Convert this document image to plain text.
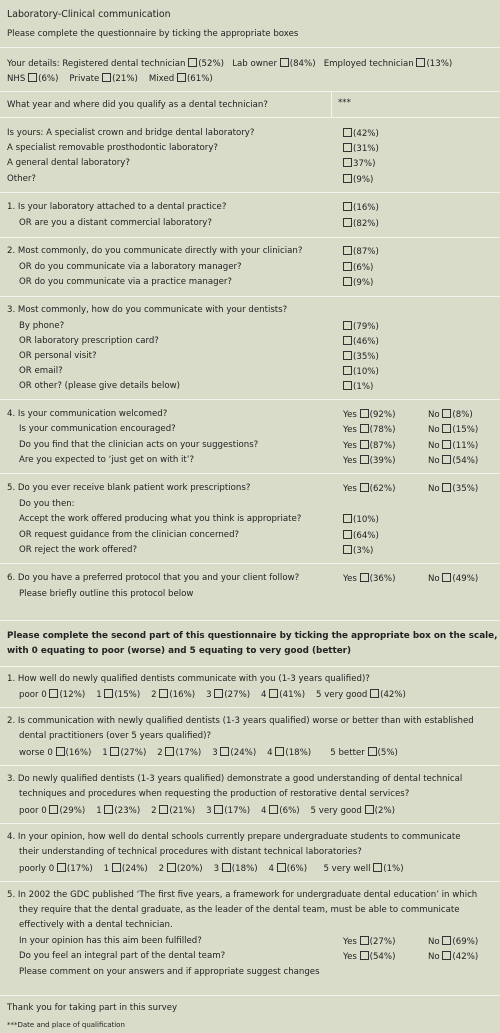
Laboratory-Clinical communication
Please complete the questionnaire by ticking the appropriate boxes
Your details: Registered dental technician (52%) Lab owner (84%) Employed technician (13%)
NHS (6%) Private (21%) Mixed (61%)
What year and where did you qualify as a dental technician?	***
Is yours: A specialist crown and bridge dental laboratory?	(42%)
A specialist removable prosthodontic laboratory?	(31%)
A general dental laboratory?	37%)
Other?	(9%)
1. Is your laboratory attached to a dental practice?	(16%)
OR are you a distant commercial laboratory?	(82%)
2. Most commonly, do you communicate directly with your clinician?	(87%)
OR do you communicate via a laboratory manager?	(6%)
OR do you communicate via a practice manager?	(9%)
3. Most commonly, how do you communicate with your dentists?
By phone?	(79%)
OR laboratory prescription card?	(46%)
OR personal visit?	(35%)
OR email?	(10%)
OR other? (please give details below)	(1%)
4. Is your communication welcomed?	Yes (92%)	No (8%)
Is your communication encouraged?	Yes (78%)	No (15%)
Do you find that the clinician acts on your suggestions?	Yes (87%)	No (11%)
Are you expected to ‘just get on with it’?	Yes (39%)	No (54%)
5. Do you ever receive blank patient work prescriptions?	Yes (62%)	No (35%)
Do you then:
Accept the work offered producing what you think is appropriate?	(10%)
OR request guidance from the clinician concerned?	(64%)
OR reject the work offered?	(3%)
6. Do you have a preferred protocol that you and your client follow?	Yes (36%)	No (49%)
Please briefly outline this protocol below
Please complete the second part of this questionnaire by ticking the appropriate box on the scale,
with 0 equating to poor (worse) and 5 equating to very good (better)
1. How well do newly qualified dentists communicate with you (1-3 years qualified)?
poor 0 (12%) 1 (15%) 2 (16%) 3 (27%) 4 (41%) 5 very good (42%)
2. Is communication with newly qualified dentists (1-3 years qualified) worse or better than with established
dental practitioners (over 5 years qualified)?
worse 0 (16%) 1 (27%) 2 (17%) 3 (24%) 4 (18%) 5 better (5%)
3. Do newly qualified dentists (1-3 years qualified) demonstrate a good understanding of dental technical
techniques and procedures when requesting the production of restorative dental services?
poor 0 (29%) 1 (23%) 2 (21%) 3 (17%) 4 (6%) 5 very good (2%)
4. In your opinion, how well do dental schools currently prepare undergraduate students to communicate
their understanding of technical procedures with distant technical laboratories?
poorly 0 (17%) 1 (24%) 2 (20%) 3 (18%) 4 (6%) 5 very well (1%)
5. In 2002 the GDC published ‘The first five years, a framework for undergraduate dental education’ in which
they require that the dental graduate, as the leader of the dental team, must be able to communicate
effectively with a dental technician.
In your opinion has this aim been fulfilled?	Yes (27%)	No (69%)
Do you feel an integral part of the dental team?	Yes (54%)	No (42%)
Please comment on your answers and if appropriate suggest changes
Thank you for taking part in this survey
***Date and place of qualification
